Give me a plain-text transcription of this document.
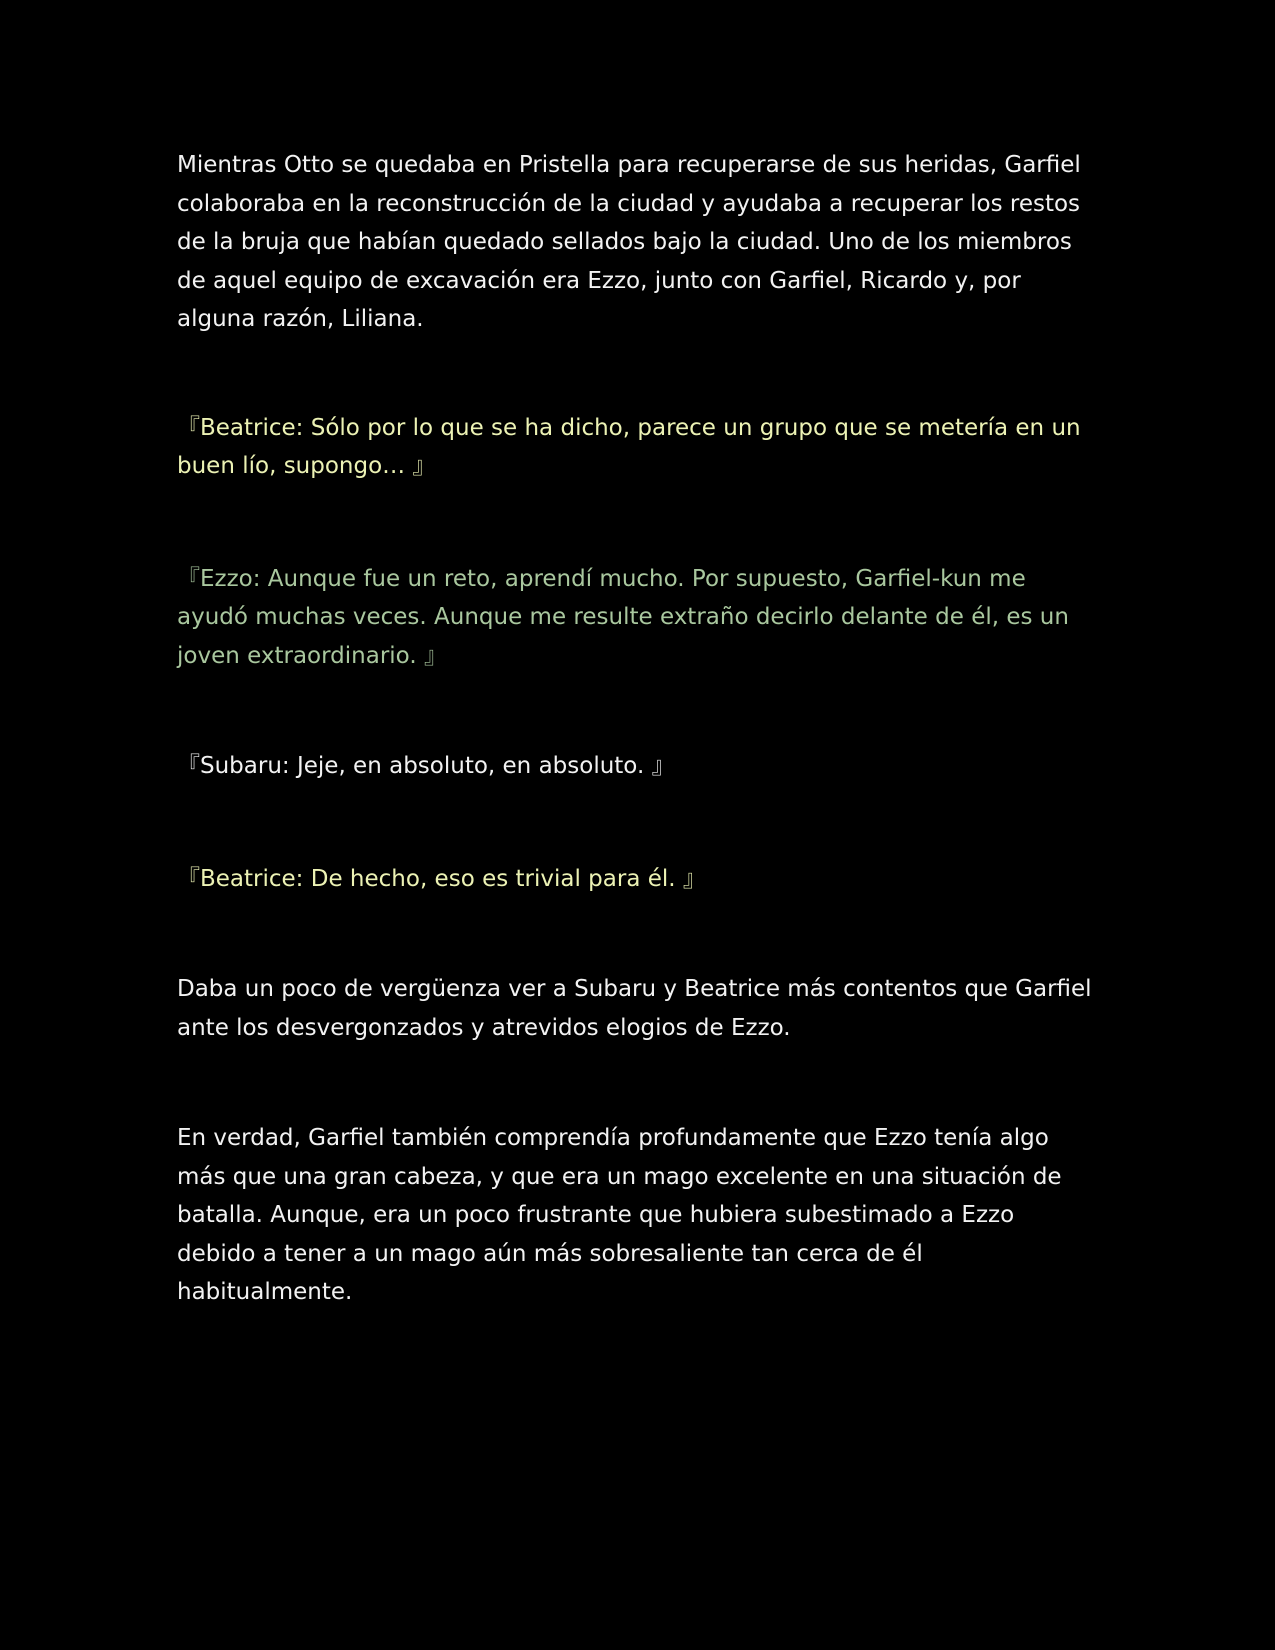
Mientras Otto se quedaba en Pristella para recuperarse de sus heridas, Garfiel colaboraba en la reconstrucción de la ciudad y ayudaba a recuperar los restos de la bruja que habían quedado sellados bajo la ciudad. Uno de los miembros de aquel equipo de excavación era Ezzo, junto con Garfiel, Ricardo y, por alguna razón, Liliana.

『Beatrice: Sólo por lo que se ha dicho, parece un grupo que se metería en un buen lío, supongo… 』

『Ezzo: Aunque fue un reto, aprendí mucho. Por supuesto, Garfiel-kun me ayudó muchas veces. Aunque me resulte extraño decirlo delante de él, es un joven extraordinario. 』

『Subaru: Jeje, en absoluto, en absoluto. 』

『Beatrice: De hecho, eso es trivial para él. 』

Daba un poco de vergüenza ver a Subaru y Beatrice más contentos que Garfiel ante los desvergonzados y atrevidos elogios de Ezzo.

En verdad, Garfiel también comprendía profundamente que Ezzo tenía algo más que una gran cabeza, y que era un mago excelente en una situación de batalla. Aunque, era un poco frustrante que hubiera subestimado a Ezzo debido a tener a un mago aún más sobresaliente tan cerca de él habitualmente.
